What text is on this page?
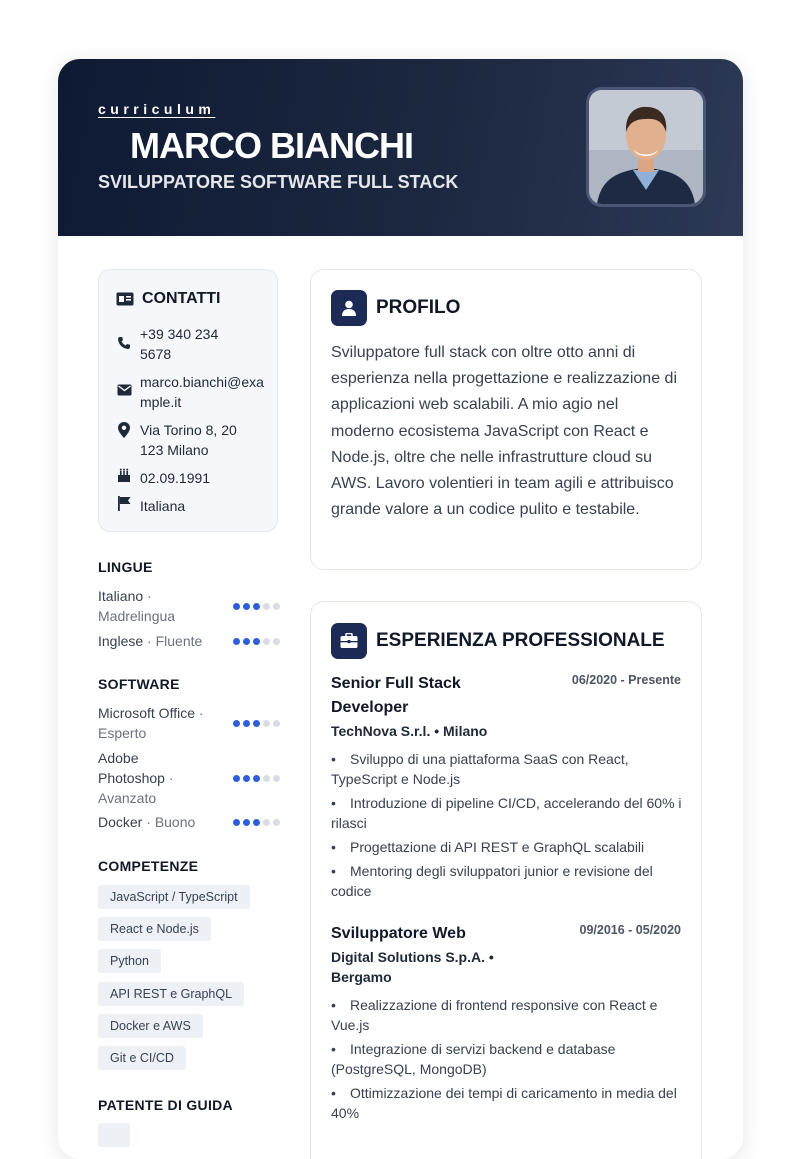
curriculum
MARCO BIANCHI
SVILUPPATORE SOFTWARE FULL STACK
CONTATTI
+39 340 2345678
marco.bianchi@example.it
Via Torino 8, 20123 Milano
02.09.1991
Italiana
LINGUE
Italiano · Madrelingua
Inglese · Fluente
SOFTWARE
Microsoft Office · Esperto
Adobe Photoshop · Avanzato
Docker · Buono
COMPETENZE
JavaScript / TypeScript
React e Node.js
Python
API REST e GraphQL
Docker e AWS
Git e CI/CD
PATENTE DI GUIDA
PROFILO
Sviluppatore full stack con oltre otto anni di esperienza nella progettazione e realizzazione di applicazioni web scalabili. A mio agio nel moderno ecosistema JavaScript con React e Node.js, oltre che nelle infrastrutture cloud su AWS. Lavoro volentieri in team agili e attribuisco grande valore a un codice pulito e testabile.
ESPERIENZA PROFESSIONALE
Senior Full Stack Developer
06/2020 - Presente
TechNova S.r.l. • Milano
• Sviluppo di una piattaforma SaaS con React, TypeScript e Node.js
• Introduzione di pipeline CI/CD, accelerando del 60% i rilasci
• Progettazione di API REST e GraphQL scalabili
• Mentoring degli sviluppatori junior e revisione del codice
Sviluppatore Web	09/2016 - 05/2020
Digital Solutions S.p.A. • Bergamo
• Realizzazione di frontend responsive con React e Vue.js
• Integrazione di servizi backend e database (PostgreSQL, MongoDB)
• Ottimizzazione dei tempi di caricamento in media del 40%
